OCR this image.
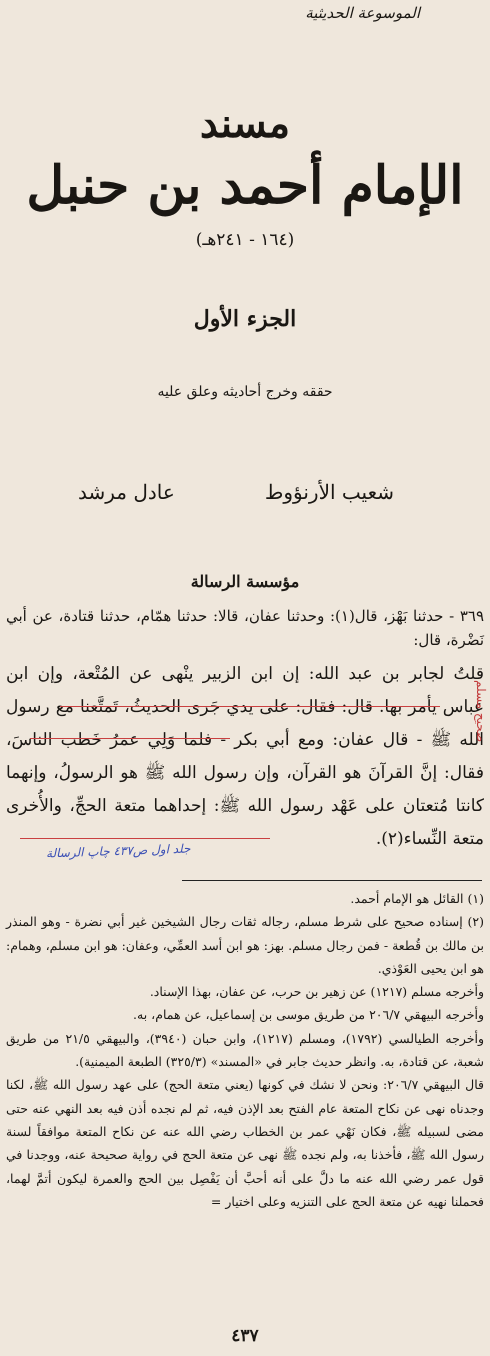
الموسوعة الحديثية
مسند
الإمام أحمد بن حنبل
(١٦٤ - ٢٤١هـ)
الجزء الأول
حققه وخرج أحاديثه وعلق عليه
شعيب الأرنؤوط
عادل مرشد
مؤسسة الرسالة

٣٦٩ - حدثنا بَهْز، قال(١): وحدثنا عفان، قالا: حدثنا همّام، حدثنا قتادة، عن أبي نَضْرة، قال:

قلتُ لجابر بن عبد الله: إن ابن الزبير ينْهى عن المُتْعة، وإن ابن عباس يأمر بها. قال: فقال: على يدي جَرى الحديثُ، تَمتَّعنا مع رسول الله ﷺ - قال عفان: ومع أبي بكر - فلما وَلِي عمرُ خَطب الناسَ، فقال: إنَّ القرآنَ هو القرآن، وإن رسول الله ﷺ هو الرسولُ، وإنهما كانتا مُتعتان على عَهْد رسول الله ﷺ: إحداهما متعة الحجِّ، والأُخرى متعة النِّساء(٢).

صحيح مسلم
جلد اول ص٤٣٧ چاپ الرسالة

(١) القائل هو الإمام أحمد.

(٢) إسناده صحيح على شرط مسلم، رجاله ثقات رجال الشيخين غير أبي نضرة - وهو المنذر بن مالك بن قُطعة - فمن رجال مسلم. بهز: هو ابن أسد العمِّي، وعفان: هو ابن مسلم، وهمام: هو ابن يحيى العَوْذي.

وأخرجه مسلم (١٢١٧) عن زهير بن حرب، عن عفان، بهذا الإسناد.

وأخرجه البيهقي ٢٠٦/٧ من طريق موسى بن إسماعيل، عن همام، به.

وأخرجه الطيالسي (١٧٩٢)، ومسلم (١٢١٧)، وابن حبان (٣٩٤٠)، والبيهقي ٢١/٥ من طريق شعبة، عن قتادة، به. وانظر حديث جابر في «المسند» (٣٢٥/٣) الطبعة الميمنية).

قال البيهقي ٢٠٦/٧: ونحن لا نشك في كونها (يعني متعة الحج) على عهد رسول الله ﷺ، لكنا وجدناه نهى عن نكاح المتعة عام الفتح بعد الإذن فيه، ثم لم نجده أذن فيه بعد النهي عنه حتى مضى لسبيله ﷺ، فكان نَهْي عمر بن الخطاب رضي الله عنه عن نكاح المتعة موافقاً لسنة رسول الله ﷺ، فأخذنا به، ولم نجده ﷺ نهى عن متعة الحج في رواية صحيحة عنه، ووجدنا في قول عمر رضي الله عنه ما دلَّ على أنه أحبَّ أن يَفْصِل بين الحج والعمرة ليكون أتمَّ لهما، فحملنا نهيه عن متعة الحج على التنزيه وعلى اختيار =

٤٣٧
